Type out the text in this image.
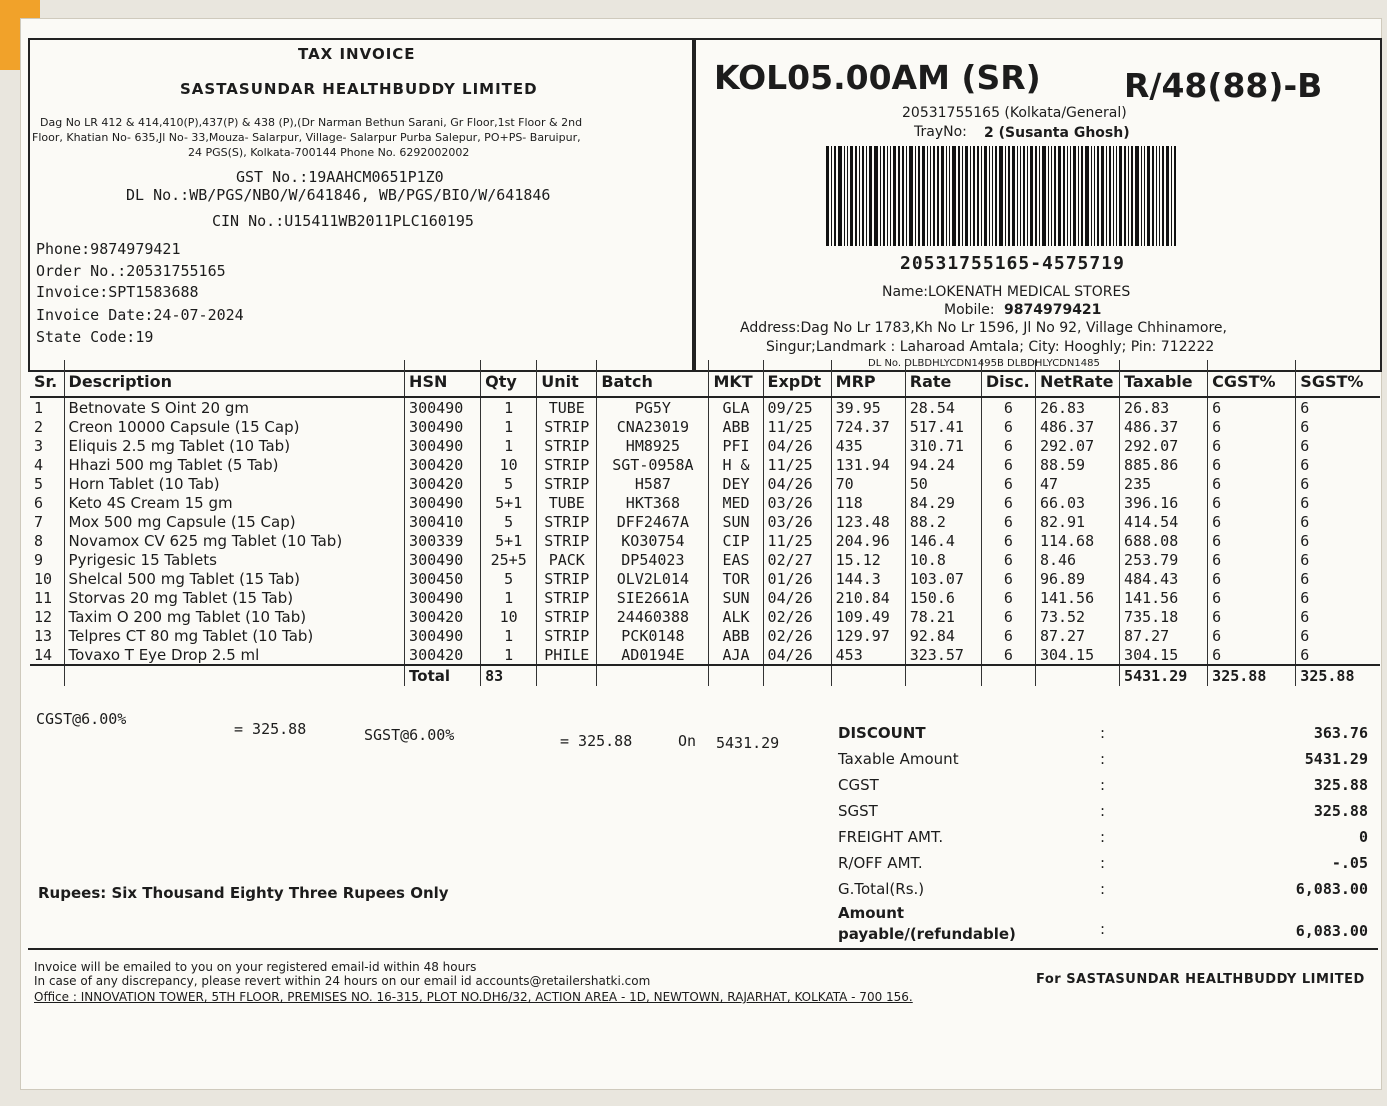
TAX INVOICE
SASTASUNDAR HEALTHBUDDY LIMITED
Dag No LR 412 & 414,410(P),437(P) & 438 (P),(Dr Narman Bethun Sarani, Gr Floor,1st Floor & 2nd
Floor, Khatian No- 635,Jl No- 33,Mouza- Salarpur, Village- Salarpur Purba Salepur, PO+PS- Baruipur,
24 PGS(S), Kolkata-700144 Phone No. 6292002002
GST No.:19AAHCM0651P1Z0
DL No.:WB/PGS/NBO/W/641846, WB/PGS/BIO/W/641846
CIN No.:U15411WB2011PLC160195
Phone:9874979421
Order No.:20531755165
Invoice:SPT1583688
Invoice Date:24-07-2024
State Code:19
KOL05.00AM (SR)	R/48(88)-B
20531755165 (Kolkata/General)
TrayNo: 2 (Susanta Ghosh)
20531755165-4575719
Name:LOKENATH MEDICAL STORES
Mobile: 9874979421
Address:Dag No Lr 1783,Kh No Lr 1596, Jl No 92, Village Chhinamore,
Singur;Landmark : Laharoad Amtala; City: Hooghly; Pin: 712222
DL No. DLBDHLYCDN1495B DLBDHLYCDN1485
Sr.	Description	HSN	Qty	Unit	Batch	MKT	ExpDt	MRP	Rate	Disc.	NetRate	Taxable	CGST%	SGST%
1	Betnovate S Oint 20 gm	300490	1	TUBE	PG5Y	GLA	09/25	39.95	28.54	6	26.83	26.83	6	6
2	Creon 10000 Capsule (15 Cap)	300490	1	STRIP	CNA23019	ABB	11/25	724.37	517.41	6	486.37	486.37	6	6
3	Eliquis 2.5 mg Tablet (10 Tab)	300490	1	STRIP	HM8925	PFI	04/26	435	310.71	6	292.07	292.07	6	6
4	Hhazi 500 mg Tablet (5 Tab)	300420	10	STRIP	SGT-0958A	H &	11/25	131.94	94.24	6	88.59	885.86	6	6
5	Horn Tablet (10 Tab)	300420	5	STRIP	H587	DEY	04/26	70	50	6	47	235	6	6
6	Keto 4S Cream 15 gm	300490	5+1	TUBE	HKT368	MED	03/26	118	84.29	6	66.03	396.16	6	6
7	Mox 500 mg Capsule (15 Cap)	300410	5	STRIP	DFF2467A	SUN	03/26	123.48	88.2	6	82.91	414.54	6	6
8	Novamox CV 625 mg Tablet (10 Tab)	300339	5+1	STRIP	KO30754	CIP	11/25	204.96	146.4	6	114.68	688.08	6	6
9	Pyrigesic 15 Tablets	300490	25+5	PACK	DP54023	EAS	02/27	15.12	10.8	6	8.46	253.79	6	6
10	Shelcal 500 mg Tablet (15 Tab)	300450	5	STRIP	OLV2L014	TOR	01/26	144.3	103.07	6	96.89	484.43	6	6
11	Storvas 20 mg Tablet (15 Tab)	300490	1	STRIP	SIE2661A	SUN	04/26	210.84	150.6	6	141.56	141.56	6	6
12	Taxim O 200 mg Tablet (10 Tab)	300420	10	STRIP	24460388	ALK	02/26	109.49	78.21	6	73.52	735.18	6	6
13	Telpres CT 80 mg Tablet (10 Tab)	300490	1	STRIP	PCK0148	ABB	02/26	129.97	92.84	6	87.27	87.27	6	6
14	Tovaxo T Eye Drop 2.5 ml	300420	1	PHILE	AD0194E	AJA	04/26	453	323.57	6	304.15	304.15	6	6
		Total	83									5431.29	325.88	325.88
CGST@6.00%
= 325.88	SGST@6.00%	= 325.88	On 5431.29
DISCOUNT	:	363.76
Taxable Amount	:	5431.29
CGST	:	325.88
SGST	:	325.88
FREIGHT AMT.	:	0
R/OFF AMT.	:	-.05
G.Total(Rs.)	:	6,083.00
Amount
payable/(refundable)	:	6,083.00
Rupees: Six Thousand Eighty Three Rupees Only
Invoice will be emailed to you on your registered email-id within 48 hours
In case of any discrepancy, please revert within 24 hours on our email id accounts@retailershatki.com
Office : INNOVATION TOWER, 5TH FLOOR, PREMISES NO. 16-315, PLOT NO.DH6/32, ACTION AREA - 1D, NEWTOWN, RAJARHAT, KOLKATA - 700 156.
For SASTASUNDAR HEALTHBUDDY LIMITED
